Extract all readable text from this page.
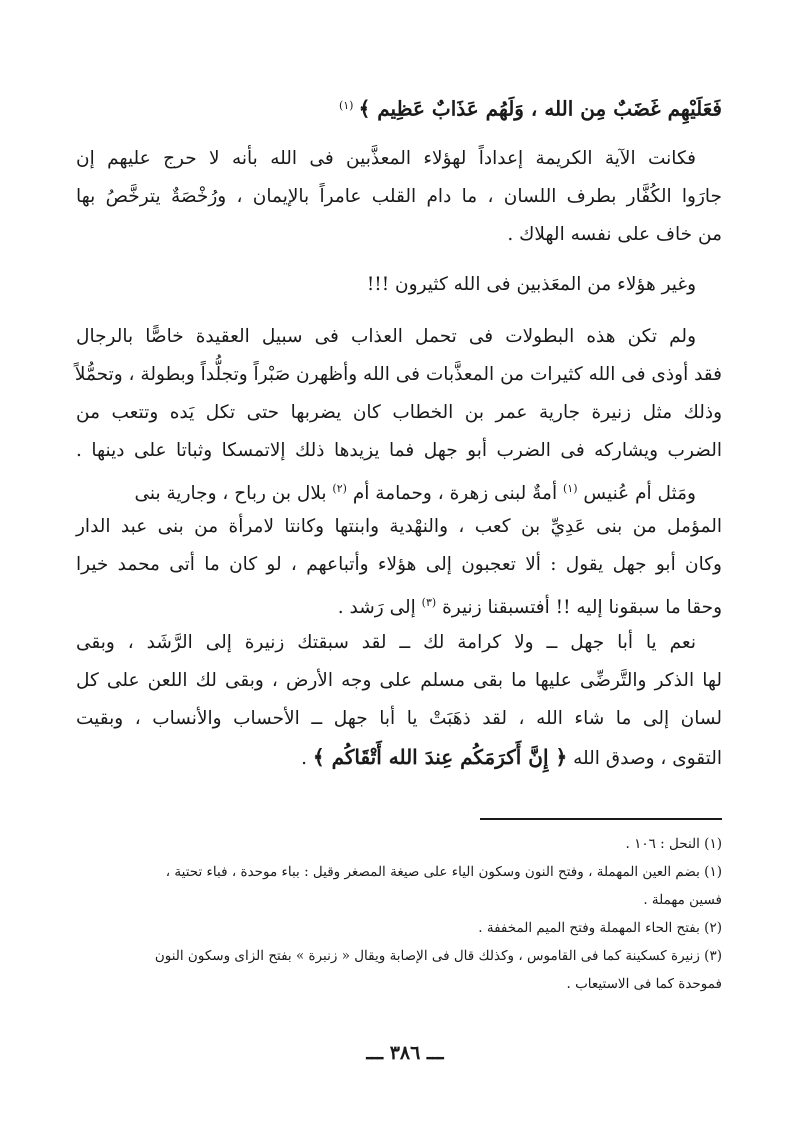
فَعَلَيْهِم غَضَبٌ مِن الله ، وَلَهُم عَذَابٌ عَظِيم ﴾ $^{(١)}$
فكانت الآية الكريمة إعداداً لهؤلاء المعذَّبين فى الله بأنه لا حرج عليهم إن
جارَوا الكُفَّار بطرف اللسان ، ما دام القلب عامراً بالإيمان ، ورُخْصَةٌ يترخَّصُ بها
من خاف على نفسه الهلاك .
وغير هؤلاء من المعَذبين فى الله كثيرون !!!
ولم تكن هذه البطولات فى تحمل العذاب فى سبيل العقيدة خاصًّا بالرجال
فقد أوذى فى الله كثيرات من المعذَّبات فى الله وأظهرن صَبْراً وتجلُّداً وبطولة ، وتحمُّلاً
وذلك مثل زنيرة جارية عمر بن الخطاب كان يضربها حتى تكل يَده وتتعب من
الضرب ويشاركه فى الضرب أبو جهل فما يزيدها ذلك إلاتمسكا وثباتا على دينها .
ومَثل أم عُنيس $^{(١)}$ أمةٌ لبنى زهرة ، وحمامة أم $^{(٢)}$ بلال بن رباح ، وجارية بنى
المؤمل من بنى عَدِيِّ بن كعب ، والنهْدية وابنتها وكانتا لامرأة من بنى عبد الدار
وكان أبو جهل يقول : ألا تعجبون إلى هؤلاء وأتباعهم ، لو كان ما أتى محمد خيرا
وحقا ما سبقونا إليه !! أفتسبقنا زنيرة $^{(٣)}$ إلى رَشد .
نعم يا أبا جهل ــ ولا كرامة لك ــ لقد سبقتك زنيرة إلى الرَّشَد ، وبقى
لها الذكر والتَّرضِّى عليها ما بقى مسلم على وجه الأرض ، وبقى لك اللعن على كل
لسان إلى ما شاء الله ، لقد ذهَبَتْ يا أبا جهل ــ الأحساب والأنساب ، وبقيت
التقوى ، وصدق الله ﴿ إِنَّ أَكرَمَكُم عِندَ الله أَتْقَاكُم ﴾ .
(١) النحل : ١٠٦ .
(١) بضم العين المهملة ، وفتح النون وسكون الياء على صيغة المصغر وقيل : بباء موحدة ، فباء تحتية ،
فسين مهملة .
(٢) بفتح الحاء المهملة وفتح الميم المخففة .
(٣) زنيرة كسكينة كما فى القاموس ، وكذلك قال فى الإصابة ويقال « زنبرة » بفتح الزاى وسكون النون
فموحدة كما فى الاستيعاب .
ـــ ٣٨٦ ـــ
